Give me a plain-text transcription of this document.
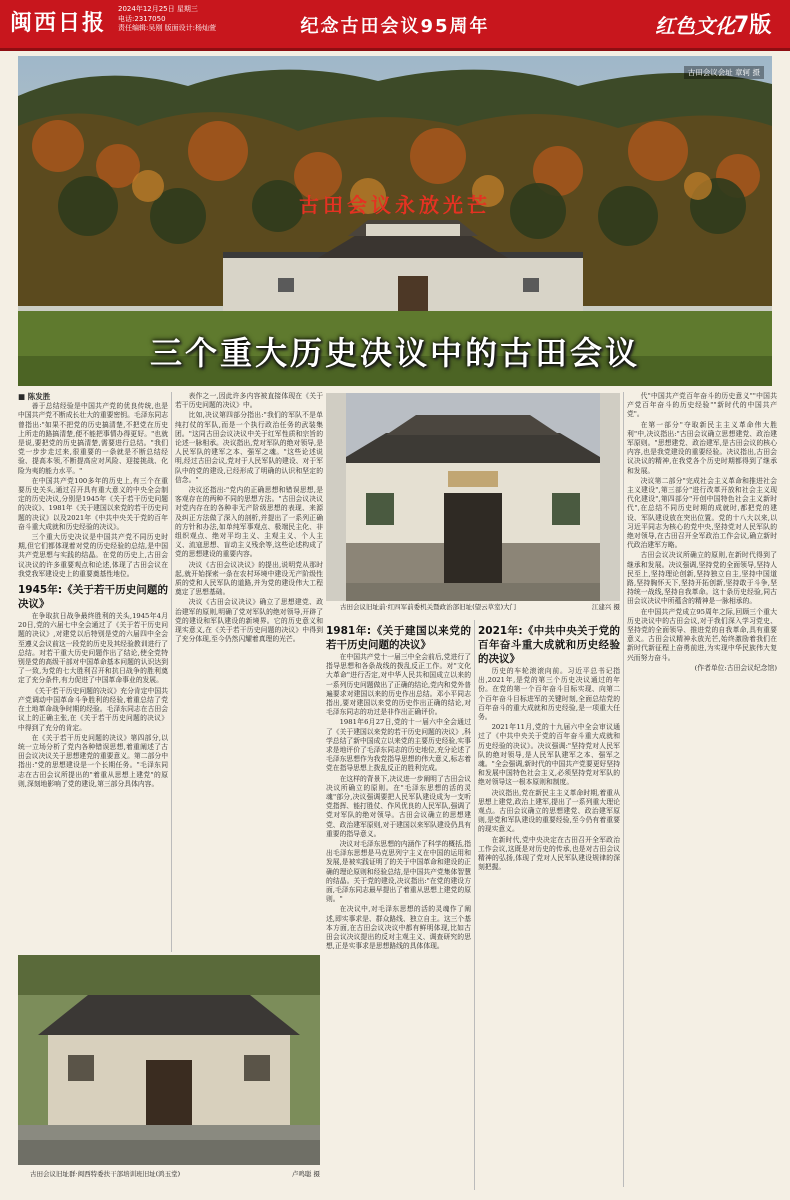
闽西日报
2024年12月25日 星期三
电话:2317050
责任编辑:吴刚 版面设计:杨灿萱	纪念古田会议95周年	红色文化 7版
古田会议永放光芒
古田会议会址 章轲 摄
三个重大历史决议中的古田会议

■ 陈发胜

善于总结经验是中国共产党的优良传统,也是中国共产党不断成长壮大的重要密钥。毛泽东同志曾指出:"如果不把党的历史搞清楚,不把党在历史上所走的路搞清楚,便不能把事情办得更好。"也就是说,要把党的历史搞清楚,需要进行总结。"我们党一步步走过来,很重要的一条就是不断总结经验、提高本领,不断提高应对风险、迎接挑战、化险为夷的能力水平。"

在中国共产党100多年的历史上,有三个在重要历史关头,通过召开具有重大意义的中央全会制定的历史决议,分别是1945年《关于若干历史问题的决议》、1981年《关于建国以来党的若干历史问题的决议》以及2021年《中共中央关于党的百年奋斗重大成就和历史经验的决议》。

三个重大历史决议是中国共产党不同历史时期,但它们都体现着对党的历史经验的总结,是中国共产党思想与实践的结晶。在党的历史上,古田会议决议的许多重要观点和论述,体现了古田会议在我党我军建设史上的重要奠基性地位。

1945年:《关于若干历史问题的决议》

在争取抗日战争最终胜利的关头,1945年4月20日,党的六届七中全会通过了《关于若干历史问题的决议》,对建党以后特别是党的六届四中全会至遵义会议前这一段党的历史及其经验教训进行了总结。对若干重大历史问题作出了结论,使全党特别是党的高级干部对中国革命基本问题的认识达到了一致,为党的七大胜利召开和抗日战争的胜利奠定了充分条件,有力促进了中国革命事业的发展。

《关于若干历史问题的决议》充分肯定中国共产党调动中国革命斗争胜利的经验,着重总结了党在土地革命战争时期的经验。毛泽东同志在古田会议上的正确主张,在《关于若干历史问题的决议》中得到了充分的肯定。

在《关于若干历史问题的决议》第四部分,以统一立场分析了党内各种错误思想,着重阐述了古田会议决议关于思想建党的重要意义。第二部分中指出:"党的思想建设是一个长期任务。"毛泽东同志在古田会议所提出的"着重从思想上建党"的原则,深刻地影响了党的建设,第三部分具体内容。

表作之一,因此许多内容被直接体现在《关于若干历史问题的决议》中。

比如,决议第四部分指出:"我们的军队不是单纯打仗的军队,而是一个执行政治任务的武装集团。"这同古田会议决议中关于红军性质和宗旨的论述一脉相承。决议指出,党对军队的绝对领导,是人民军队的建军之本、强军之魂。"这些论述说明,经过古田会议,党对于人民军队的建设、对于军队中的党的建设,已经形成了明确的认识和坚定的信念。"

决议还指出:"党内的正确思想和错误思想,是客观存在的两种不同的思想方法。"古田会议决议对党内存在的各种非无产阶级思想的表现、来源及纠正方法做了深入的剖析,并提出了一系列正确的方针和办法,如单纯军事观点、极端民主化、非组织观点、绝对平均主义、主观主义、个人主义、流寇思想、盲动主义残余等,这些论述构成了党的思想建设的重要内容。

决议《古田会议决议》的提出,说明党从那时起,就开始探索一条在农村环境中建设无产阶级性质的党和人民军队的道路,并为党的建设伟大工程奠定了思想基础。

决议《古田会议决议》确立了思想建党、政治建军的原则,明确了党对军队的绝对领导,开辟了党的建设和军队建设的新境界。它的历史意义和现实意义,在《关于若干历史问题的决议》中得到了充分体现,至今仍然闪耀着真理的光芒。

古田会议旧址前·红四军前委机关暨政治部旧址(望云草室)大门	江建兴 摄

代"中国共产党百年奋斗的历史意义""中国共产党百年奋斗的历史经验""新时代的中国共产党"。

在第一部分"夺取新民主主义革命伟大胜利"中,决议指出:"古田会议确立思想建党、政治建军原则。"思想建党、政治建军,是古田会议的核心内容,也是我党建设的重要经验。决议指出,古田会议决议的精神,在我党各个历史时期都得到了继承和发展。

决议第二部分"完成社会主义革命和推进社会主义建设",第三部分"进行改革开放和社会主义现代化建设",第四部分"开创中国特色社会主义新时代",在总结不同历史时期的成就时,都把党的建设、军队建设放在突出位置。党的十八大以来,以习近平同志为核心的党中央,坚持党对人民军队的绝对领导,在古田召开全军政治工作会议,确立新时代政治建军方略。

古田会议决议所确立的原则,在新时代得到了继承和发展。决议强调,坚持党的全面领导,坚持人民至上,坚持理论创新,坚持独立自主,坚持中国道路,坚持胸怀天下,坚持开拓创新,坚持敢于斗争,坚持统一战线,坚持自我革命。这十条历史经验,同古田会议决议中所蕴含的精神是一脉相承的。

在中国共产党成立95周年之际,回顾三个重大历史决议中的古田会议,对于我们深入学习党史、坚持党的全面领导、推进党的自我革命,具有重要意义。古田会议精神永放光芒,始终激励着我们在新时代新征程上奋勇前进,为实现中华民族伟大复兴而努力奋斗。

(作者单位:古田会议纪念馆)

1981年:《关于建国以来党的若干历史问题的决议》

在中国共产党十一届三中全会前后,党进行了指导思想和各条战线的拨乱反正工作。对"文化大革命"进行否定,对中华人民共和国成立以来的一系列历史问题做出了正确的结论,党内和党外普遍要求对建国以来的历史作出总结。邓小平同志指出,要对建国以来党的历史作出正确的结论,对毛泽东同志的功过是非作出正确评价。

1981年6月27日,党的十一届六中全会通过了《关于建国以来党的若干历史问题的决议》,科学总结了新中国成立以来党的主要历史经验,实事求是地评价了毛泽东同志的历史地位,充分论述了毛泽东思想作为我党指导思想的伟大意义,标志着党在指导思想上拨乱反正的胜利完成。

在这样的背景下,决议进一步阐明了古田会议决议所确立的原则。在"毛泽东思想的活的灵魂"部分,决议强调要把人民军队建设成为一支听党指挥、能打胜仗、作风优良的人民军队,强调了党对军队的绝对领导。古田会议确立的思想建党、政治建军原则,对于建国以来军队建设仍具有重要的指导意义。

决议对毛泽东思想的内涵作了科学的概括,指出毛泽东思想是马克思列宁主义在中国的运用和发展,是被实践证明了的关于中国革命和建设的正确的理论原则和经验总结,是中国共产党集体智慧的结晶。关于党的建设,决议指出:"在党的建设方面,毛泽东同志最早提出了着重从思想上建党的原则。"

在决议中,对毛泽东思想的活的灵魂作了阐述,即实事求是、群众路线、独立自主。这三个基本方面,在古田会议决议中都有鲜明体现,比如古田会议决议提出的反对主观主义、调查研究的思想,正是实事求是思想路线的具体体现。

2021年:《中共中央关于党的百年奋斗重大成就和历史经验的决议》

历史的车轮滚滚向前。习近平总书记指出,2021年,是党的第三个历史决议通过的年份。在党的第一个百年奋斗目标实现、向第二个百年奋斗目标进军的关键时刻,全面总结党的百年奋斗的重大成就和历史经验,是一项重大任务。

2021年11月,党的十九届六中全会审议通过了《中共中央关于党的百年奋斗重大成就和历史经验的决议》。决议强调:"坚持党对人民军队的绝对领导,是人民军队建军之本、强军之魂。"全会强调,新时代的中国共产党要更好坚持和发展中国特色社会主义,必须坚持党对军队的绝对领导这一根本原则和制度。

决议指出,党在新民主主义革命时期,着重从思想上建党,政治上建军,提出了一系列重大理论观点。古田会议确立的思想建党、政治建军原则,是党和军队建设的重要经验,至今仍有着重要的现实意义。

在新时代,党中央决定在古田召开全军政治工作会议,这既是对历史的传承,也是对古田会议精神的弘扬,体现了党对人民军队建设规律的深刻把握。

古田会议旧址群·闽西特委扶干部培训班旧址(鸿玉堂)	卢鸣聪 摄
